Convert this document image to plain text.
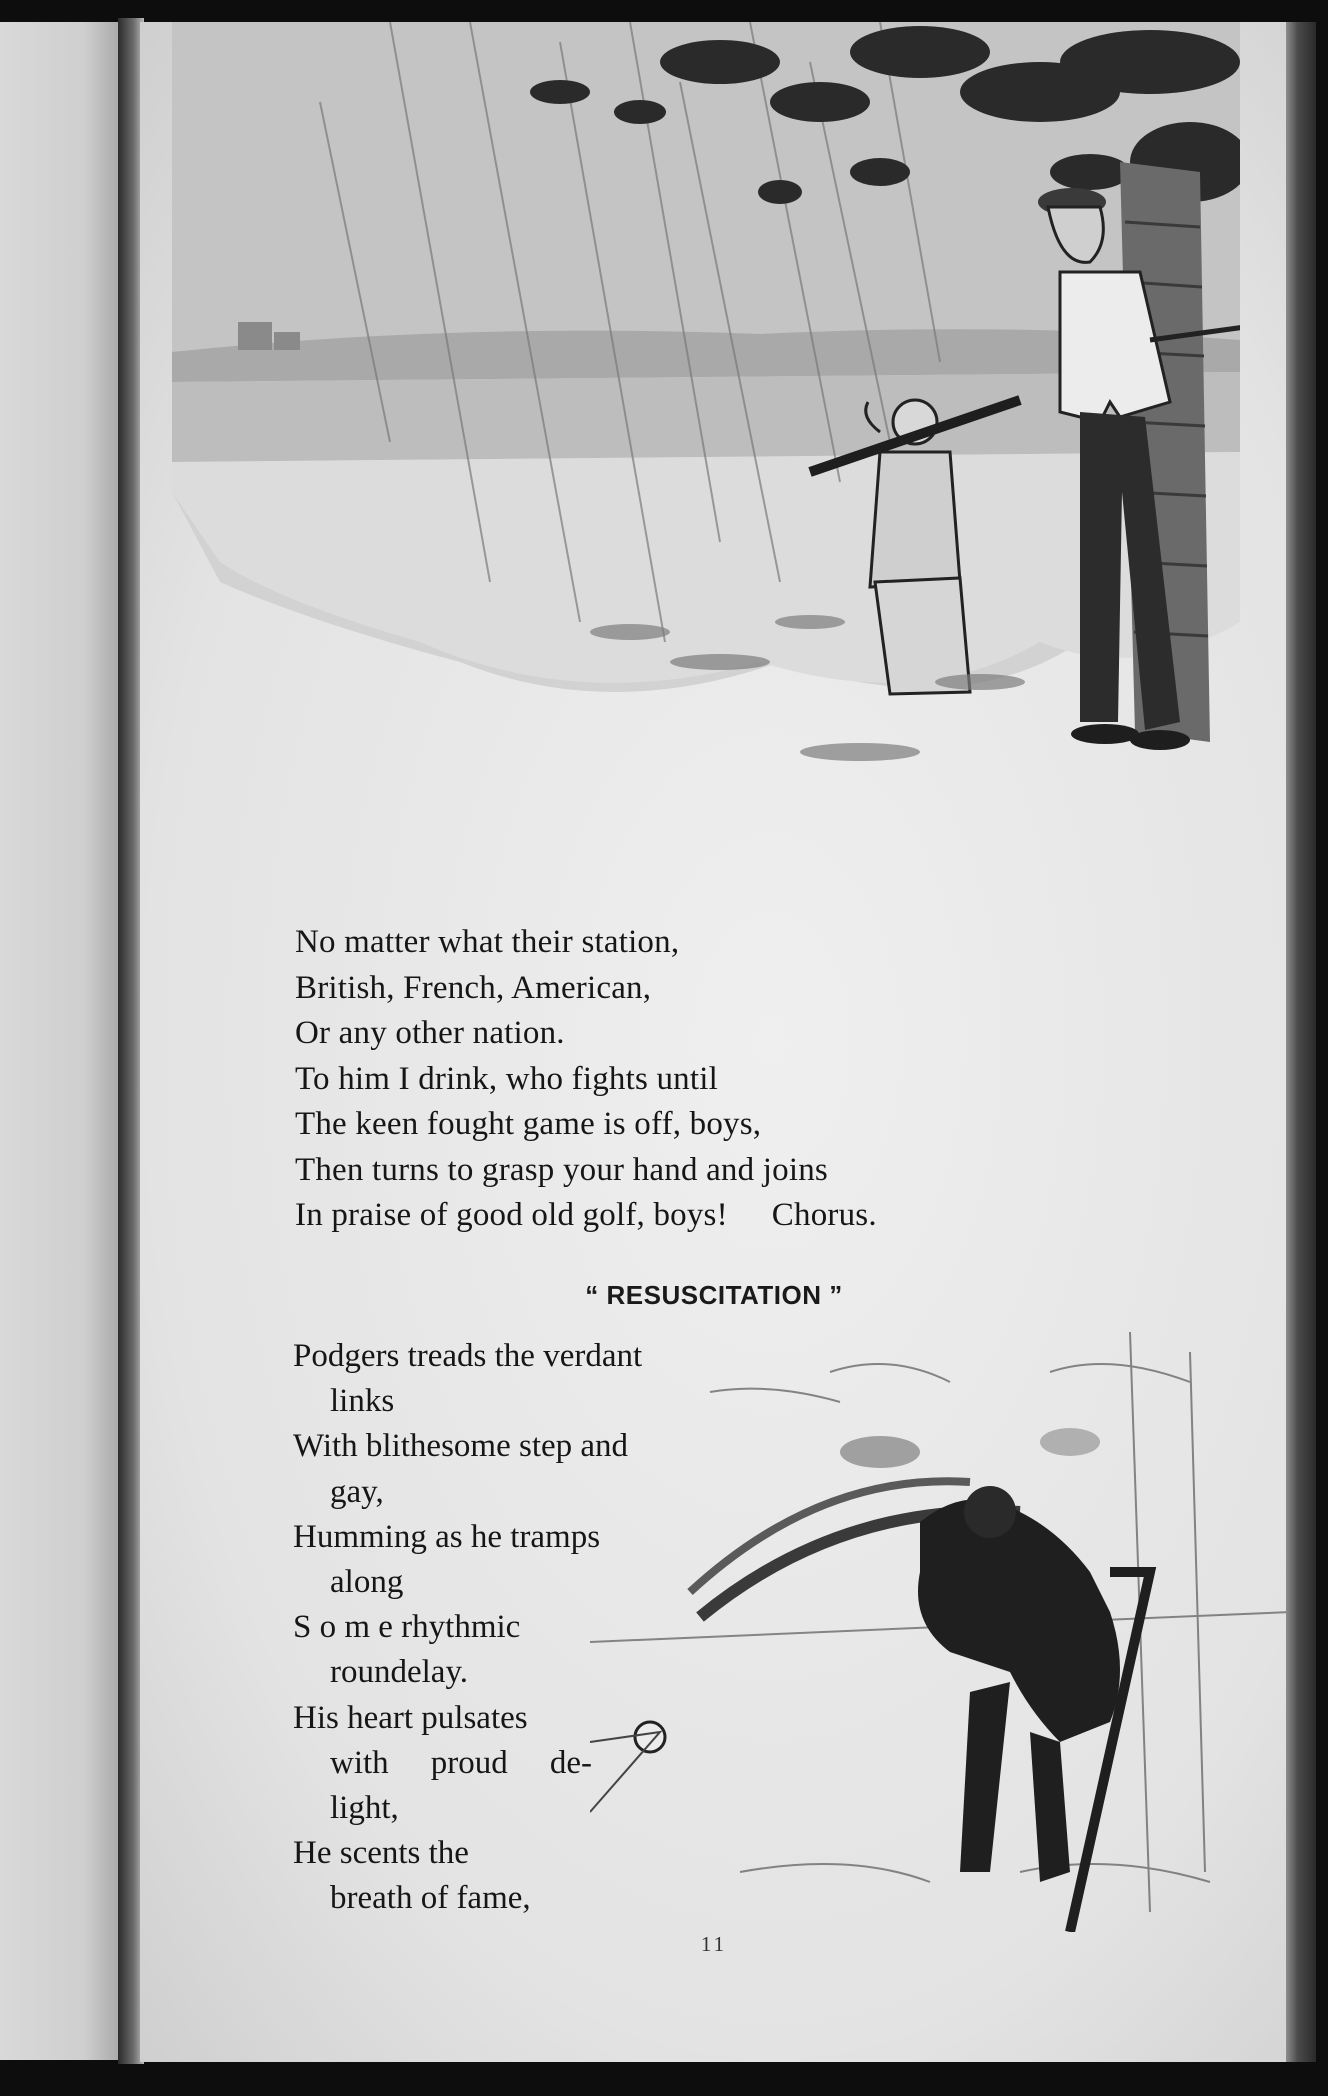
No matter what their station,
British, French, American,
Or any other nation.
To him I drink, who fights until
The keen fought game is off, boys,
Then turns to grasp your hand and joins
In praise of good old golf, boys! Chorus.
“ RESUSCITATION ”
Podgers treads the verdant
links
With blithesome step and
gay,
Humming as he tramps
along
S o m e rhythmic
roundelay.
His heart pulsates
with proud de-
light,
He scents the
breath of fame,
11
